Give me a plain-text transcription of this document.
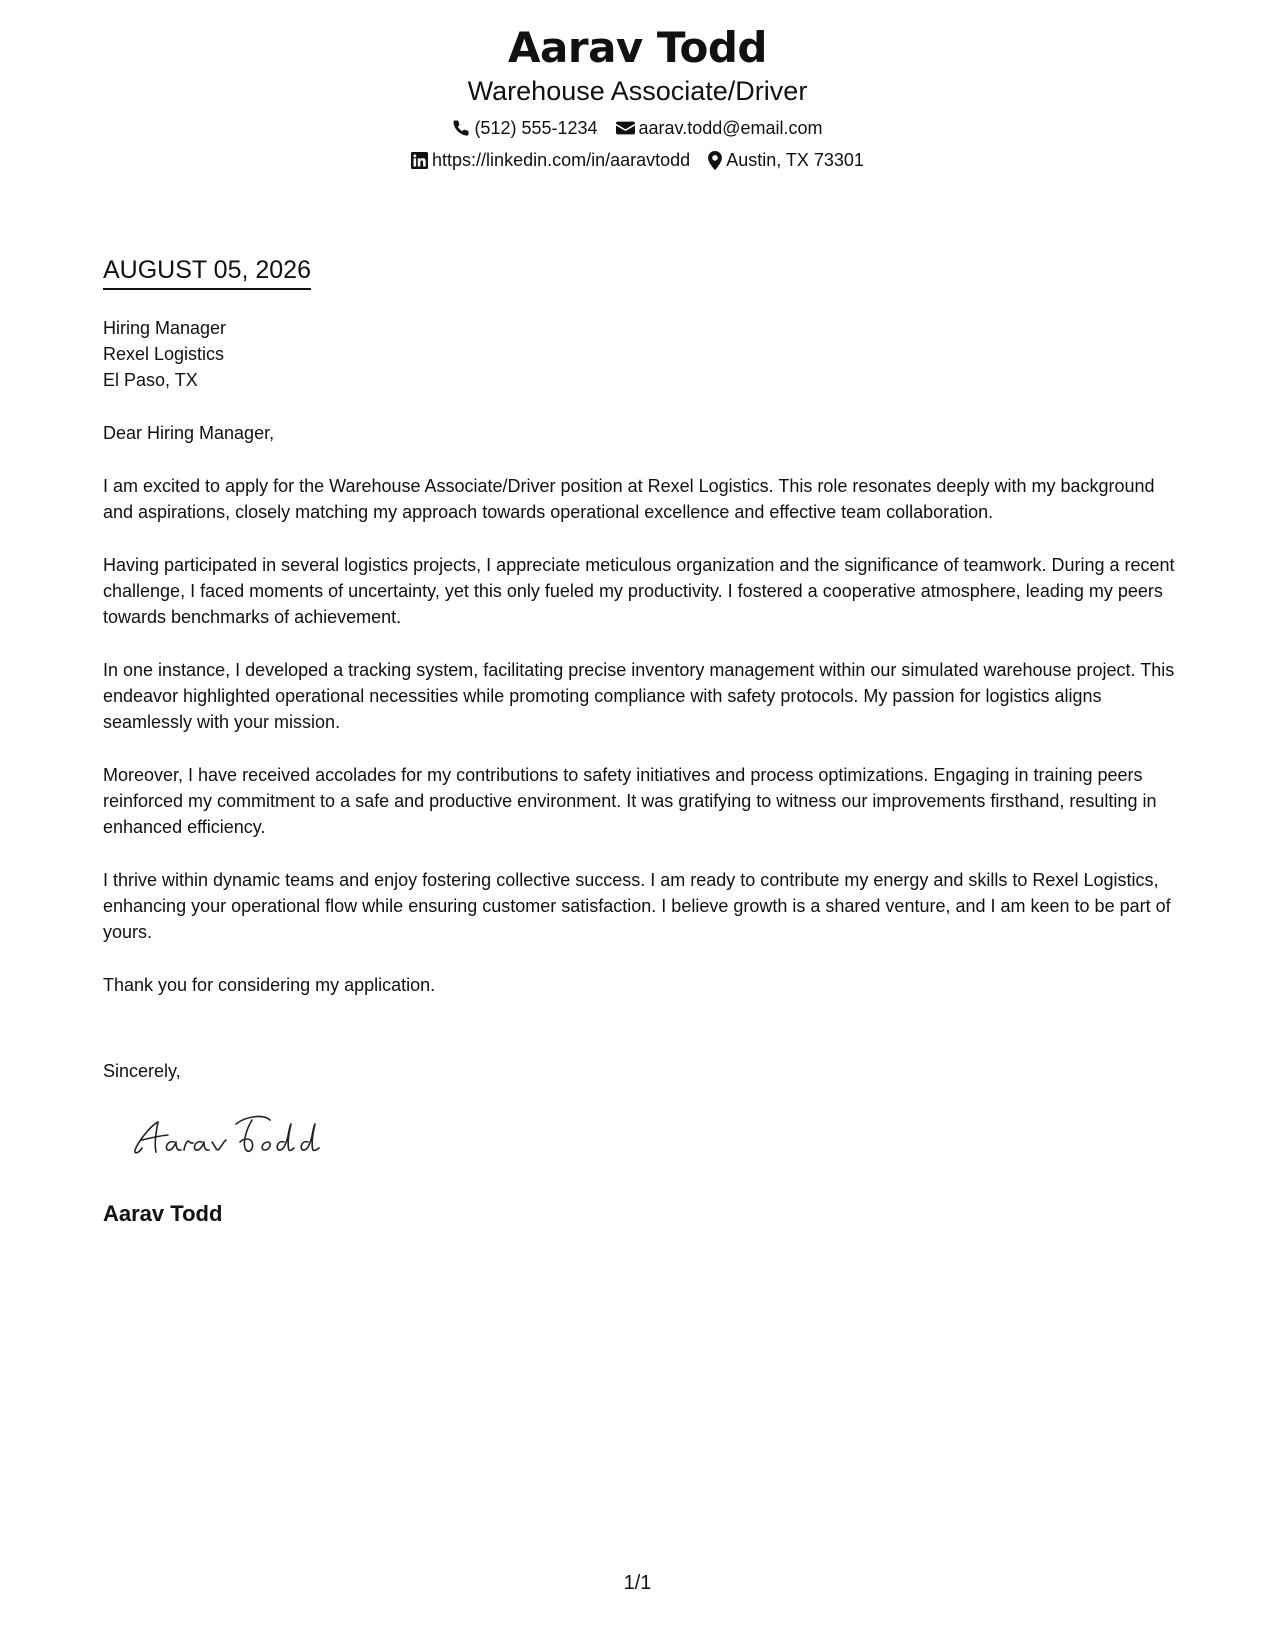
Aarav Todd
Warehouse Associate/Driver
(512) 555-1234 aarav.todd@email.com
https://linkedin.com/in/aaravtodd Austin, TX 73301
AUGUST 05, 2026
Hiring Manager
Rexel Logistics
El Paso, TX

Dear Hiring Manager,

I am excited to apply for the Warehouse Associate/Driver position at Rexel Logistics. This role resonates deeply with my background and aspirations, closely matching my approach towards operational excellence and effective team collaboration.

Having participated in several logistics projects, I appreciate meticulous organization and the significance of teamwork. During a recent challenge, I faced moments of uncertainty, yet this only fueled my productivity. I fostered a cooperative atmosphere, leading my peers towards benchmarks of achievement.

In one instance, I developed a tracking system, facilitating precise inventory management within our simulated warehouse project. This endeavor highlighted operational necessities while promoting compliance with safety protocols. My passion for logistics aligns seamlessly with your mission.

Moreover, I have received accolades for my contributions to safety initiatives and process optimizations. Engaging in training peers reinforced my commitment to a safe and productive environment. It was gratifying to witness our improvements firsthand, resulting in enhanced efficiency.

I thrive within dynamic teams and enjoy fostering collective success. I am ready to contribute my energy and skills to Rexel Logistics, enhancing your operational flow while ensuring customer satisfaction. I believe growth is a shared venture, and I am keen to be part of yours.

Thank you for considering my application.

Sincerely,
Aarav Todd
1/1
